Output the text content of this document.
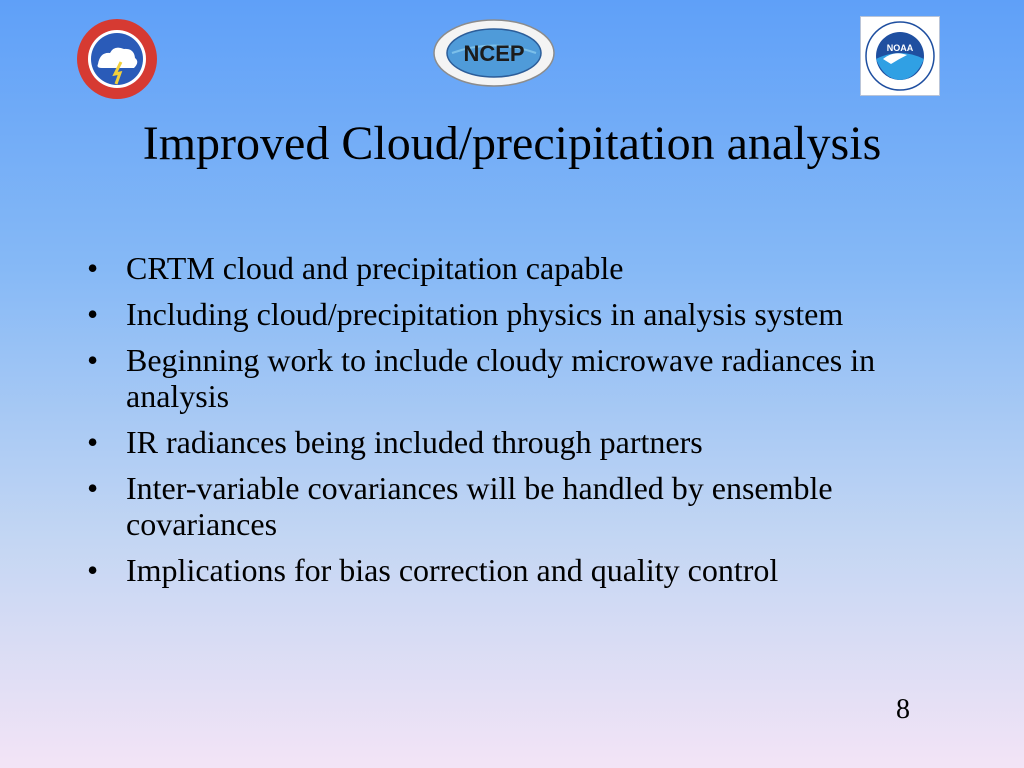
NCEP	NOAA
Improved Cloud/precipitation analysis
• CRTM cloud and precipitation capable
• Including cloud/precipitation physics in analysis system
• Beginning work to include cloudy microwave radiances in analysis
• IR radiances being included through partners
• Inter-variable covariances will be handled by ensemble covariances
• Implications for bias correction and quality control
8
